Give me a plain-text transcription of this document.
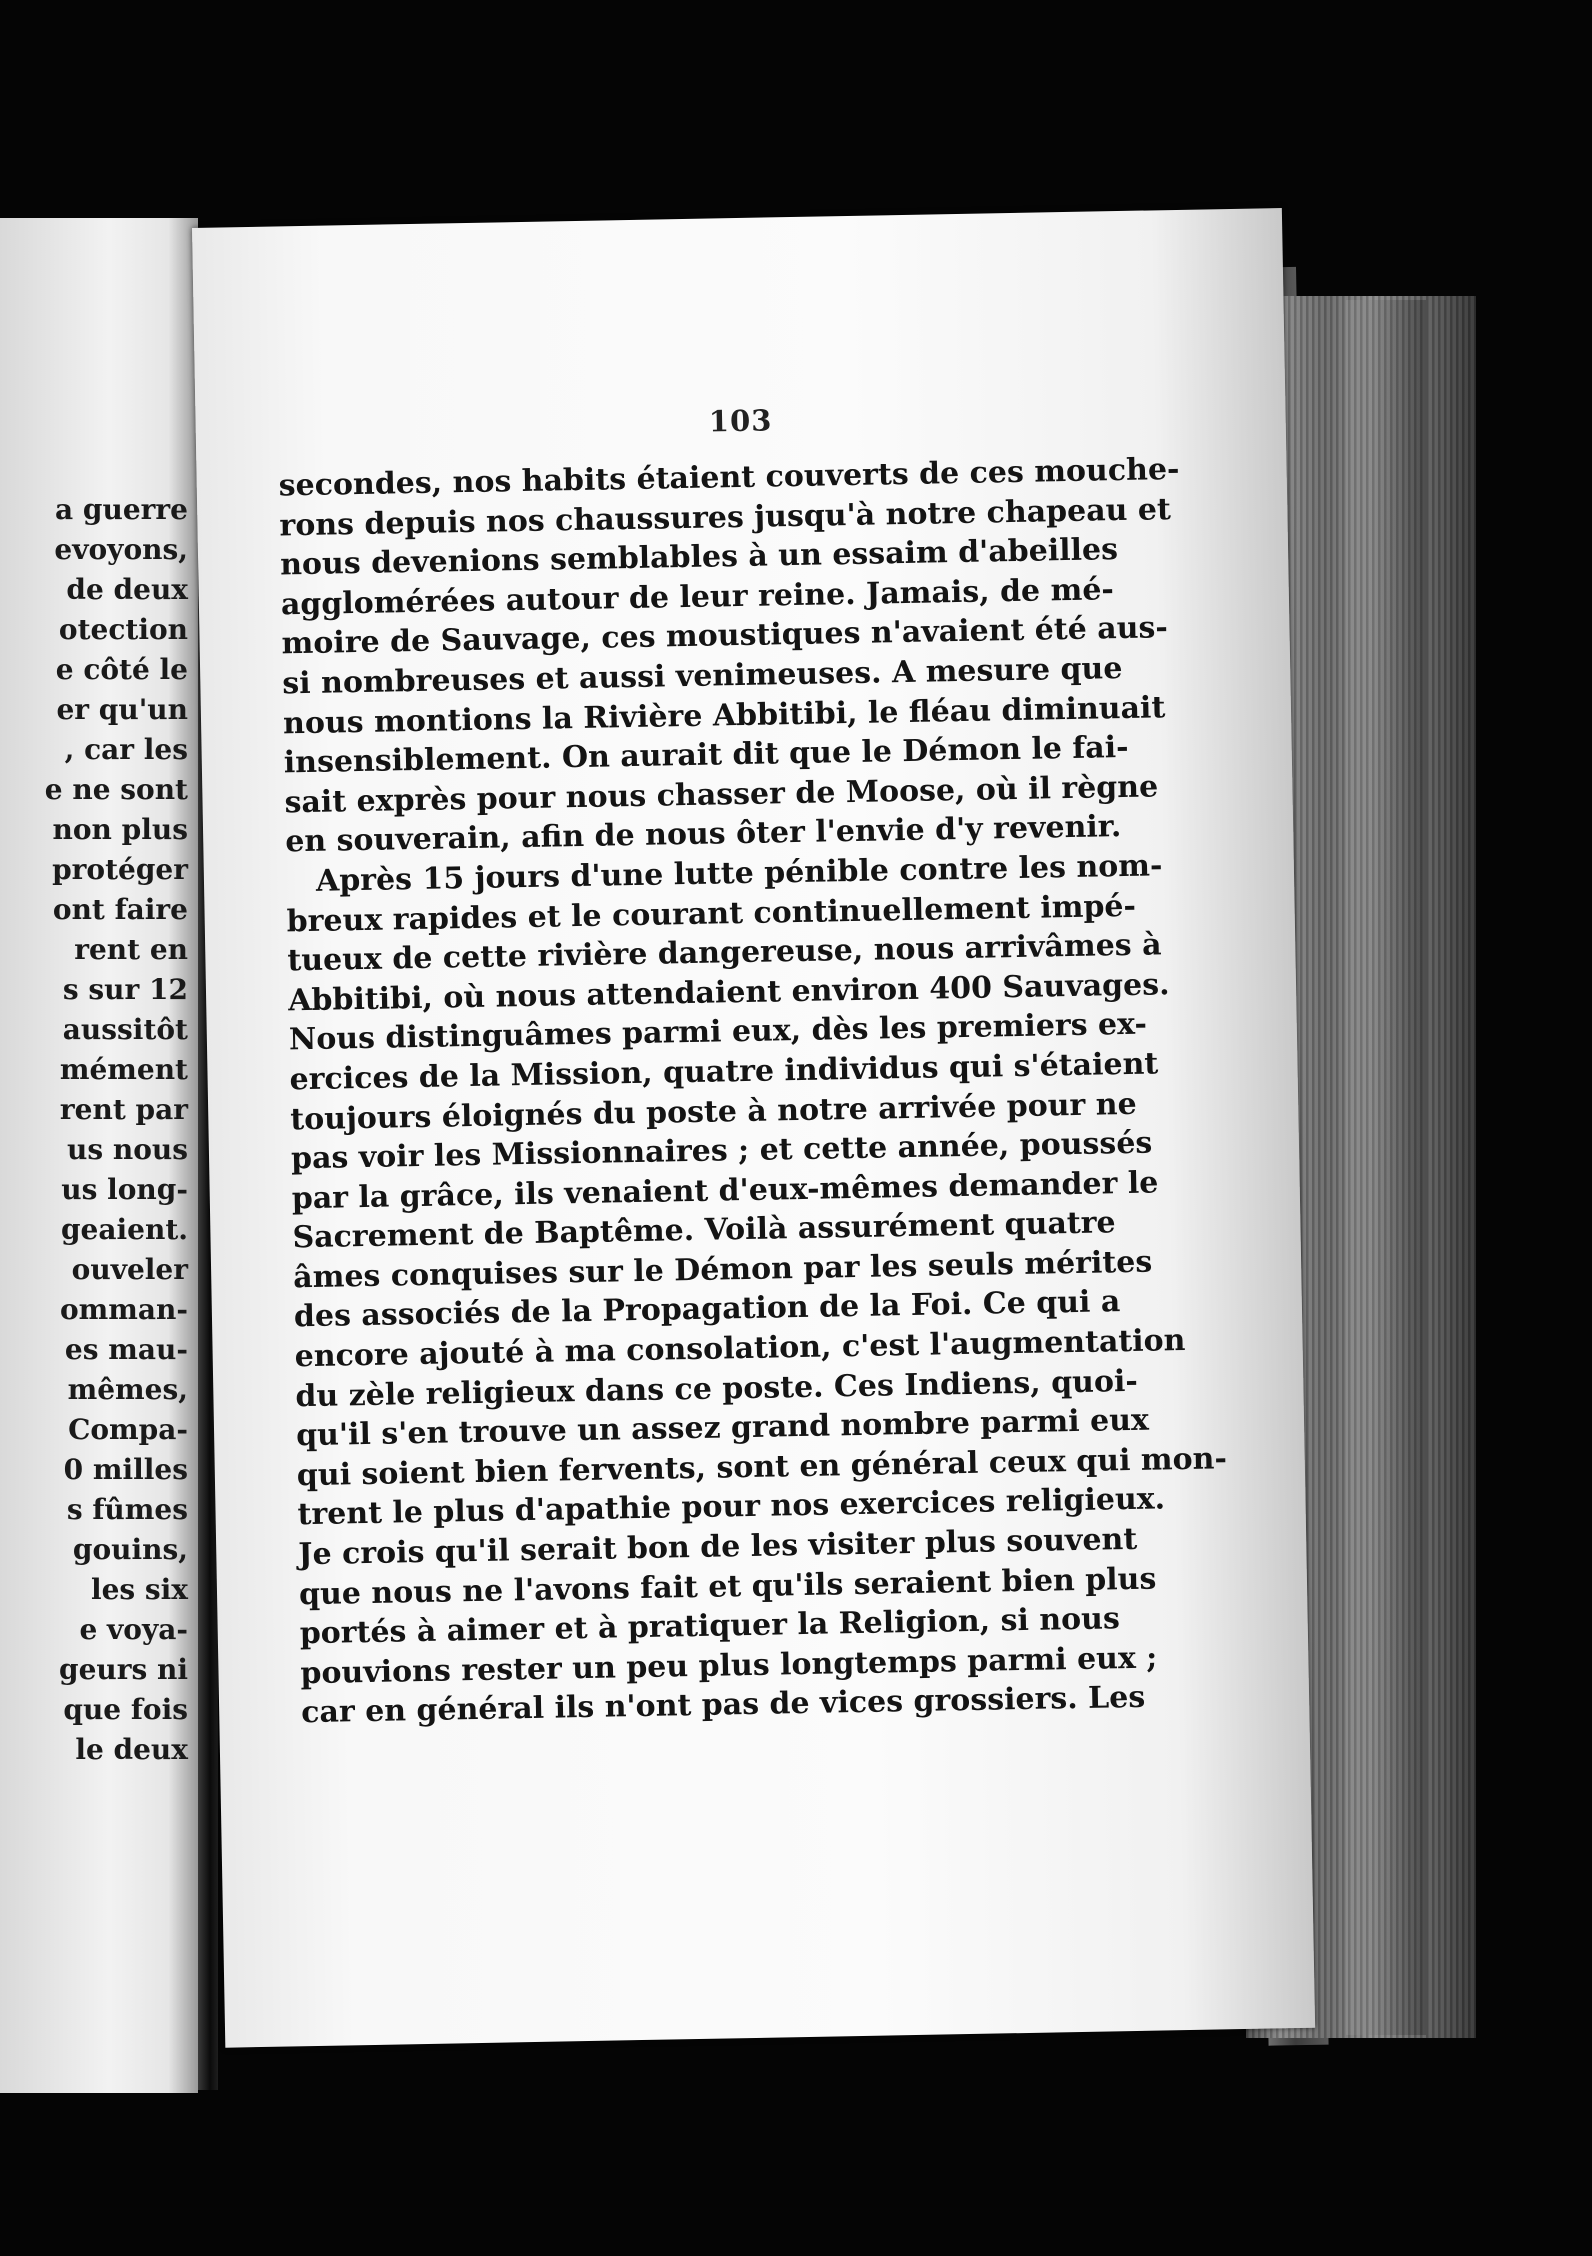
a guerre
evoyons,
de deux
otection
e côté le
er qu'un
, car les
e ne sont
non plus
protéger
ont faire
rent en
s sur 12
aussitôt
mément
rent par
us nous
us long-
geaient.
ouveler
omman-
es mau-
mêmes,
Compa-
0 milles
s fûmes
gouins,
les six
e voya-
geurs ni
que fois
le deux
103
secondes, nos habits étaient couverts de ces mouche-
rons depuis nos chaussures jusqu'à notre chapeau et
nous devenions semblables à un essaim d'abeilles
agglomérées autour de leur reine. Jamais, de mé-
moire de Sauvage, ces moustiques n'avaient été aus-
si nombreuses et aussi venimeuses. A mesure que
nous montions la Rivière Abbitibi, le fléau diminuait
insensiblement. On aurait dit que le Démon le fai-
sait exprès pour nous chasser de Moose, où il règne
en souverain, afin de nous ôter l'envie d'y revenir.
Après 15 jours d'une lutte pénible contre les nom-
breux rapides et le courant continuellement impé-
tueux de cette rivière dangereuse, nous arrivâmes à
Abbitibi, où nous attendaient environ 400 Sauvages.
Nous distinguâmes parmi eux, dès les premiers ex-
ercices de la Mission, quatre individus qui s'étaient
toujours éloignés du poste à notre arrivée pour ne
pas voir les Missionnaires ; et cette année, poussés
par la grâce, ils venaient d'eux-mêmes demander le
Sacrement de Baptême. Voilà assurément quatre
âmes conquises sur le Démon par les seuls mérites
des associés de la Propagation de la Foi. Ce qui a
encore ajouté à ma consolation, c'est l'augmentation
du zèle religieux dans ce poste. Ces Indiens, quoi-
qu'il s'en trouve un assez grand nombre parmi eux
qui soient bien fervents, sont en général ceux qui mon-
trent le plus d'apathie pour nos exercices religieux.
Je crois qu'il serait bon de les visiter plus souvent
que nous ne l'avons fait et qu'ils seraient bien plus
portés à aimer et à pratiquer la Religion, si nous
pouvions rester un peu plus longtemps parmi eux ;
car en général ils n'ont pas de vices grossiers. Les
